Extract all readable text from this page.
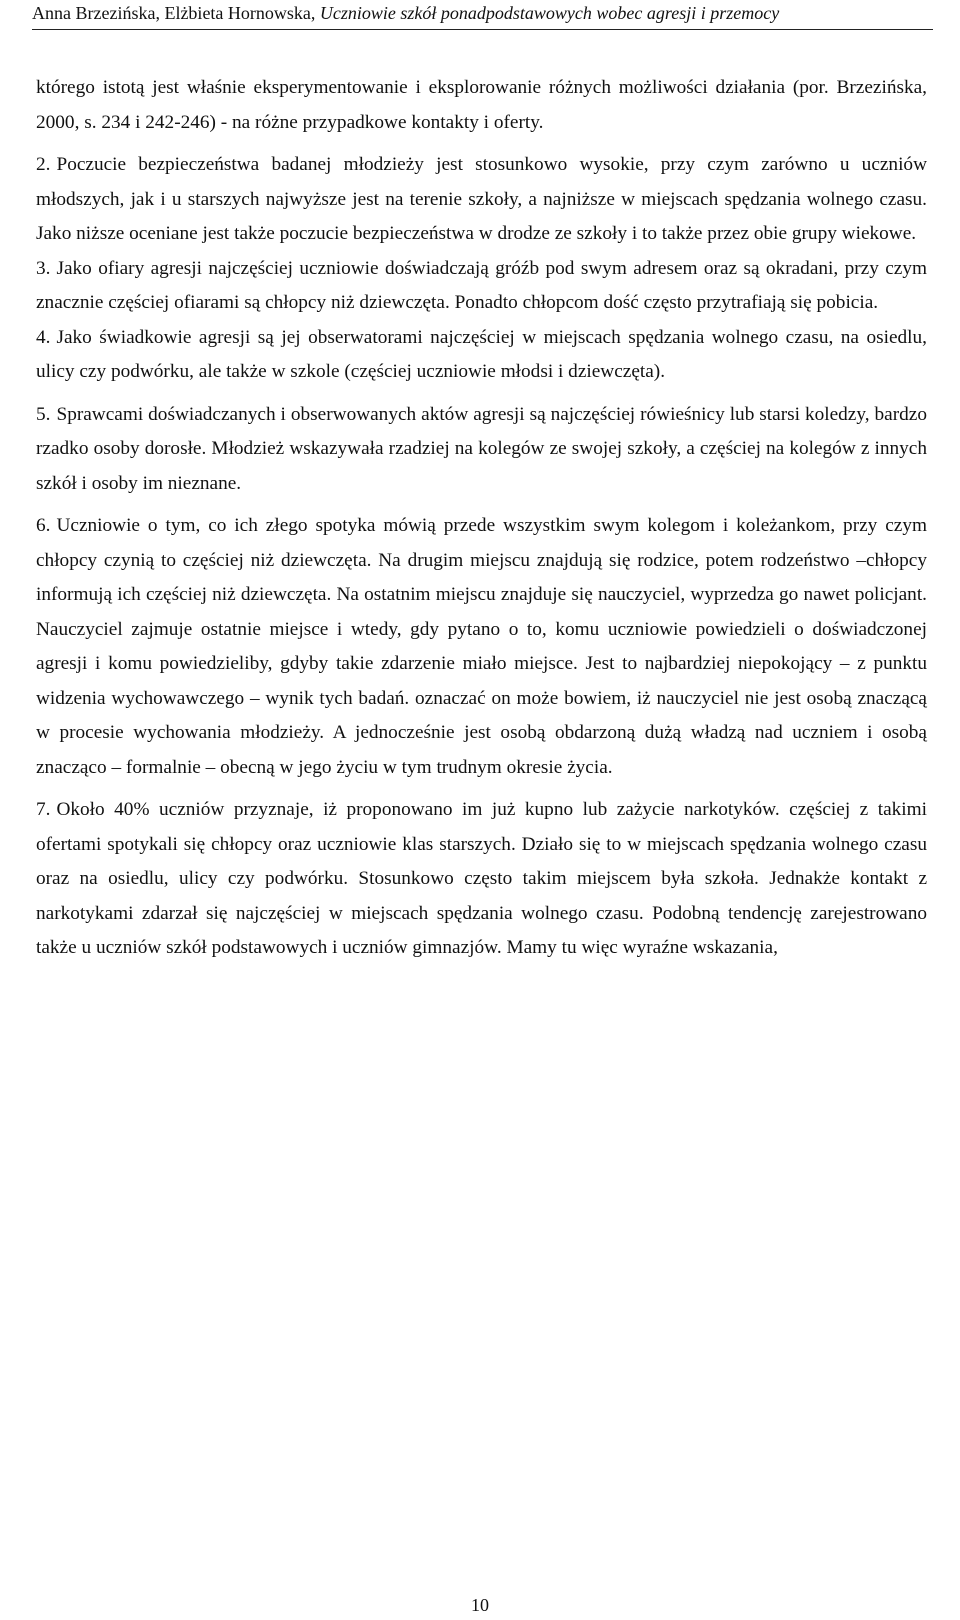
Anna Brzezińska, Elżbieta Hornowska, Uczniowie szkół ponadpodstawowych wobec agresji i przemocy

którego istotą jest właśnie eksperymentowanie i eksplorowanie różnych możliwości działania (por. Brzezińska, 2000, s. 234 i 242-246) - na różne przypadkowe kontakty i oferty.

2. Poczucie bezpieczeństwa badanej młodzieży jest stosunkowo wysokie, przy czym zarówno u uczniów młodszych, jak i u starszych najwyższe jest na terenie szkoły, a najniższe w miejscach spędzania wolnego czasu. Jako niższe oceniane jest także poczucie bezpieczeństwa w drodze ze szkoły i to także przez obie grupy wiekowe.

3. Jako ofiary agresji najczęściej uczniowie doświadczają gróźb pod swym adresem oraz są okradani, przy czym znacznie częściej ofiarami są chłopcy niż dziewczęta. Ponadto chłopcom dość często przytrafiają się pobicia.

4. Jako świadkowie agresji są jej obserwatorami najczęściej w miejscach spędzania wolnego czasu, na osiedlu, ulicy czy podwórku, ale także w szkole (częściej uczniowie młodsi i dziewczęta).

5. Sprawcami doświadczanych i obserwowanych aktów agresji są najczęściej rówieśnicy lub starsi koledzy, bardzo rzadko osoby dorosłe. Młodzież wskazywała rzadziej na kolegów ze swojej szkoły, a częściej na kolegów z innych szkół i osoby im nieznane.

6. Uczniowie o tym, co ich złego spotyka mówią przede wszystkim swym kolegom i koleżankom, przy czym chłopcy czynią to częściej niż dziewczęta. Na drugim miejscu znajdują się rodzice, potem rodzeństwo –chłopcy informują ich częściej niż dziewczęta. Na ostatnim miejscu znajduje się nauczyciel, wyprzedza go nawet policjant. Nauczyciel zajmuje ostatnie miejsce i wtedy, gdy pytano o to, komu uczniowie powiedzieli o doświadczonej agresji i komu powiedzieliby, gdyby takie zdarzenie miało miejsce. Jest to najbardziej niepokojący – z punktu widzenia wychowawczego – wynik tych badań. oznaczać on może bowiem, iż nauczyciel nie jest osobą znaczącą w procesie wychowania młodzieży. A jednocześnie jest osobą obdarzoną dużą władzą nad uczniem i osobą znacząco – formalnie – obecną w jego życiu w tym trudnym okresie życia.

7. Około 40% uczniów przyznaje, iż proponowano im już kupno lub zażycie narkotyków. częściej z takimi ofertami spotykali się chłopcy oraz uczniowie klas starszych. Działo się to w miejscach spędzania wolnego czasu oraz na osiedlu, ulicy czy podwórku. Stosunkowo często takim miejscem była szkoła. Jednakże kontakt z narkotykami zdarzał się najczęściej w miejscach spędzania wolnego czasu. Podobną tendencję zarejestrowano także u uczniów szkół podstawowych i uczniów gimnazjów. Mamy tu więc wyraźne wskazania,

10
